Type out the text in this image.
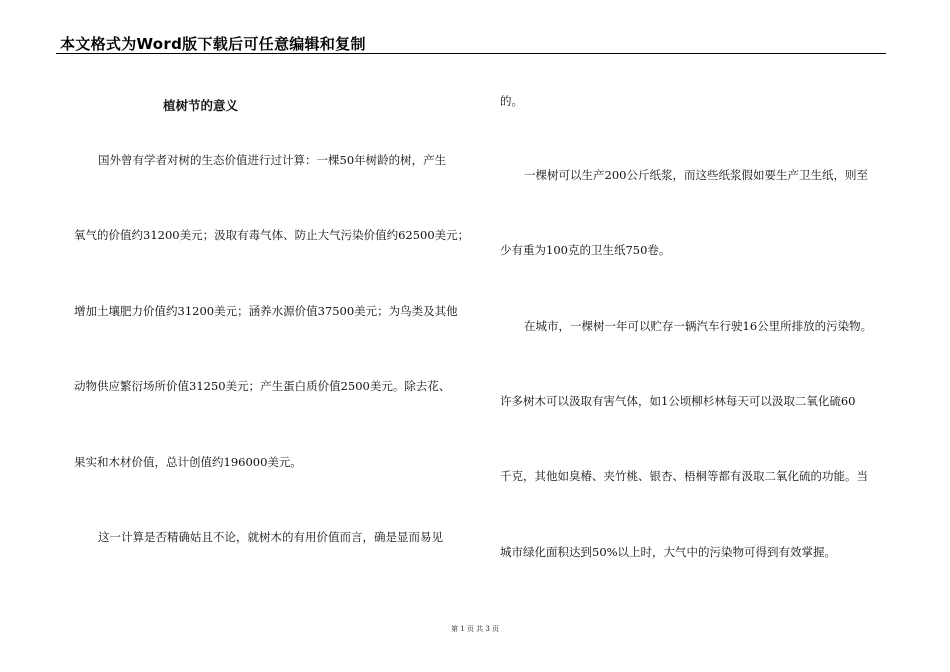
本文格式为Word版下载后可任意编辑和复制
植树节的意义
国外曾有学者对树的生态价值进行过计算：一棵50年树龄的树，产生
氧气的价值约31200美元；汲取有毒气体、防止大气污染价值约62500美元；
增加土壤肥力价值约31200美元；涵养水源价值37500美元；为鸟类及其他
动物供应繁衍场所价值31250美元；产生蛋白质价值2500美元。除去花、
果实和木材价值，总计创值约196000美元。
这一计算是否精确姑且不论，就树木的有用价值而言，确是显而易见
的。
一棵树可以生产200公斤纸浆，而这些纸浆假如要生产卫生纸，则至
少有重为100克的卫生纸750卷。
在城市，一棵树一年可以贮存一辆汽车行驶16公里所排放的污染物。
许多树木可以汲取有害气体，如1公顷柳杉林每天可以汲取二氧化硫60
千克，其他如臭椿、夹竹桃、银杏、梧桐等都有汲取二氧化硫的功能。当
城市绿化面积达到50%以上时，大气中的污染物可得到有效掌握。
第 1 页 共 3 页
